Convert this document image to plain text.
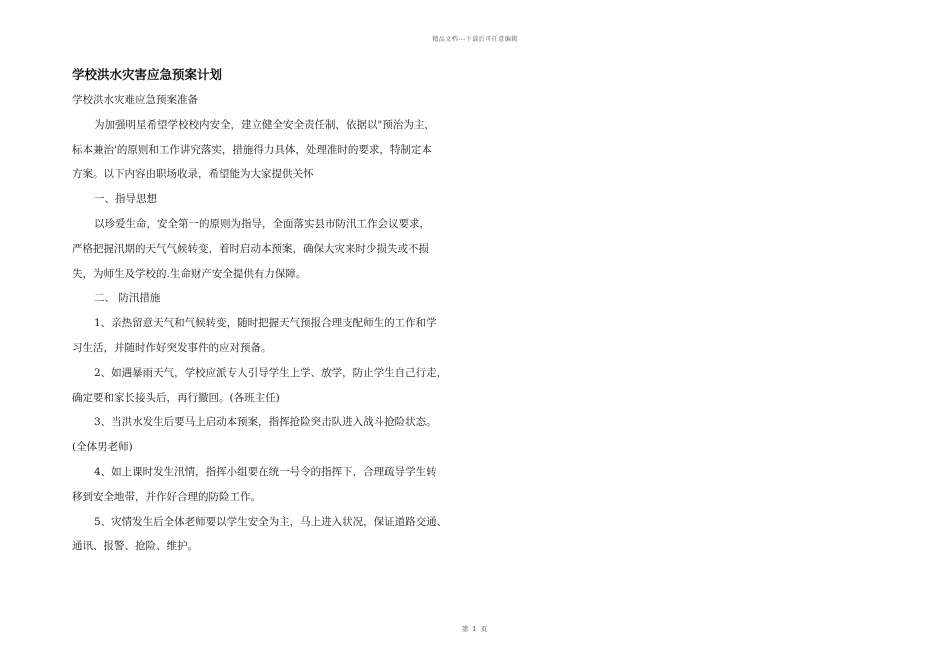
精品文档---下载后可任意编辑
学校洪水灾害应急预案计划

学校洪水灾难应急预案准备

为加强明星希望学校校内安全，建立健全安全责任制，依据以"预治为主，

标本兼治'的原则和工作讲究落实，措施得力具体，处理准时的要求，特制定本

方案。以下内容由职场收录，希望能为大家提供关怀

一、指导思想

以珍爱生命，安全第一的原则为指导，全面落实县市防汛工作会议要求，

严格把握汛期的天气气候转变，着时启动本预案，确保大灾来时少损失或不损

失，为师生及学校的.生命财产安全提供有力保障。

二、 防汛措施

1、亲热留意天气和气候转变，随时把握天气预报合理支配师生的工作和学

习生活，并随时作好突发事件的应对预备。

2、如遇暴雨天气，学校应派专人引导学生上学、放学，防止学生自己行走，

确定要和家长接头后，再行撤回。(各班主任)

3、当洪水发生后要马上启动本预案，指挥抢险突击队进入战斗抢险状态。

(全体男老师)

4、如上课时发生汛情，指挥小组要在统一号令的指挥下，合理疏导学生转

移到安全地带，并作好合理的防险工作。

5、灾情发生后全体老师要以学生安全为主，马上进入状况，保证道路交通、

通讯、报警、抢险、维护。

第 1 页
